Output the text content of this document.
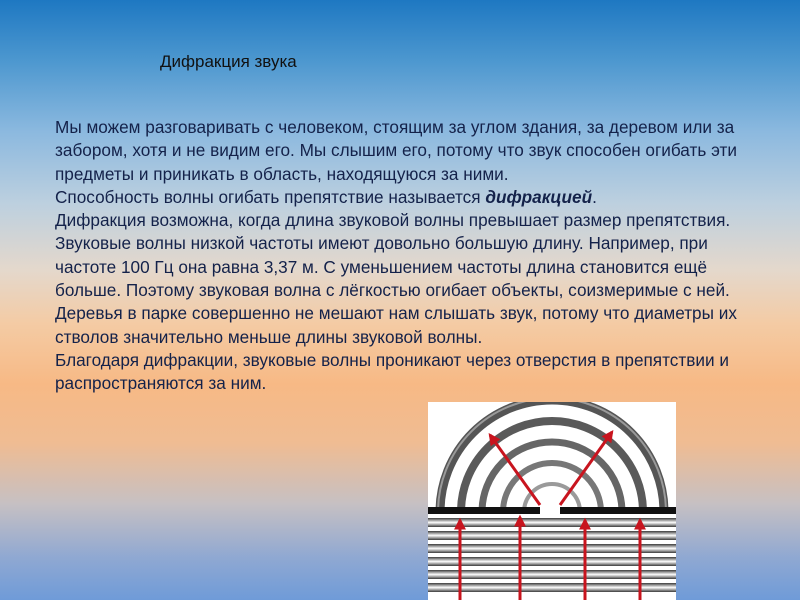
Дифракция звука

Мы можем разговаривать с человеком, стоящим за углом здания, за деревом или за забором, хотя и не видим его. Мы слышим его, потому что звук способен огибать эти предметы и приникать в область, находящуюся за ними.

Способность волны огибать препятствие называется дифракцией.

Дифракция возможна, когда длина звуковой волны превышает размер препятствия. Звуковые волны низкой частоты имеют довольно большую длину. Например, при частоте 100 Гц она равна 3,37 м. С уменьшением частоты длина становится ещё больше. Поэтому звуковая волна с лёгкостью огибает объекты, соизмеримые с ней. Деревья в парке совершенно не мешают нам слышать звук, потому что диаметры их стволов значительно меньше длины звуковой волны.

Благодаря дифракции, звуковые волны проникают через отверстия в препятствии и распространяются за ним.
